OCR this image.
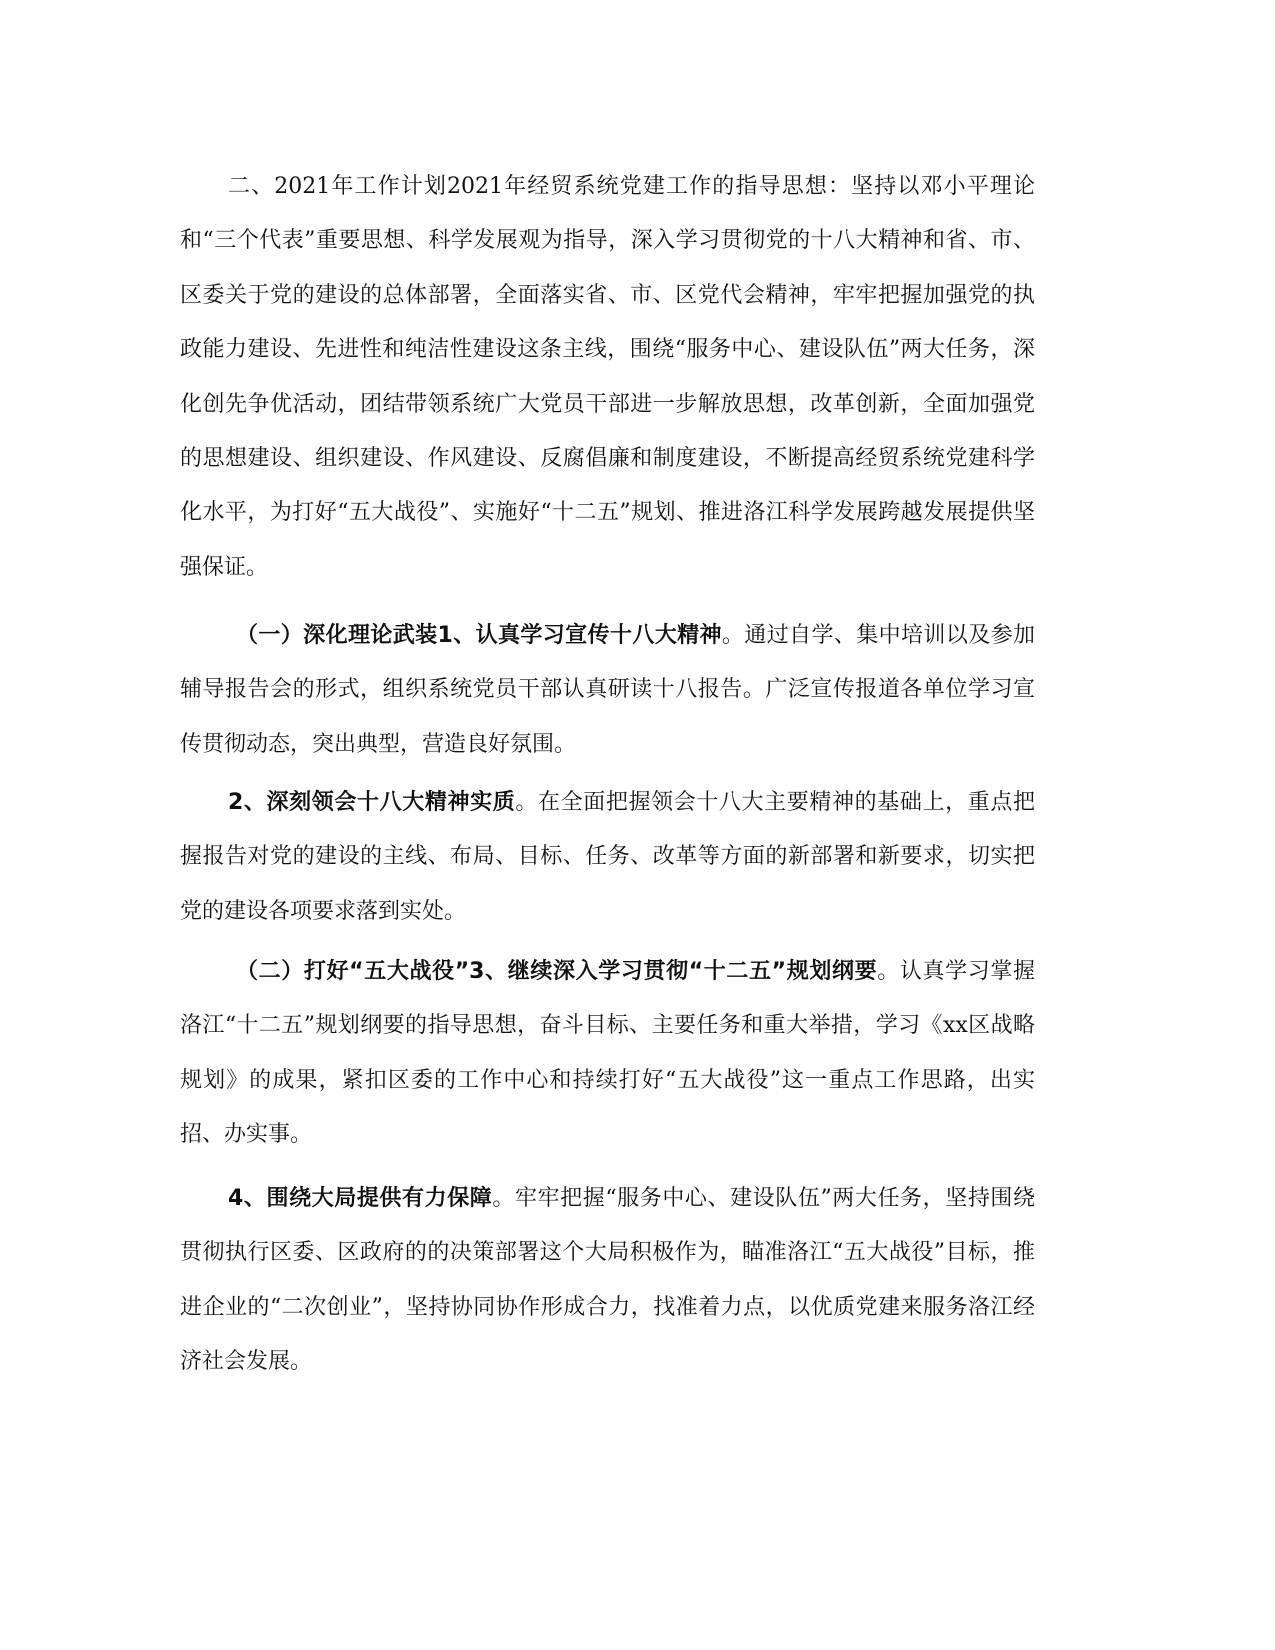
二、2021年工作计划2021年经贸系统党建工作的指导思想：坚持以邓小平理论和“三个代表”重要思想、科学发展观为指导，深入学习贯彻党的十八大精神和省、市、区委关于党的建设的总体部署，全面落实省、市、区党代会精神，牢牢把握加强党的执政能力建设、先进性和纯洁性建设这条主线，围绕“服务中心、建设队伍”两大任务，深化创先争优活动，团结带领系统广大党员干部进一步解放思想，改革创新，全面加强党的思想建设、组织建设、作风建设、反腐倡廉和制度建设，不断提高经贸系统党建科学化水平，为打好“五大战役”、实施好“十二五”规划、推进洛江科学发展跨越发展提供坚强保证。

（一）深化理论武装1、认真学习宣传十八大精神。通过自学、集中培训以及参加辅导报告会的形式，组织系统党员干部认真研读十八报告。广泛宣传报道各单位学习宣传贯彻动态，突出典型，营造良好氛围。

2、深刻领会十八大精神实质。在全面把握领会十八大主要精神的基础上，重点把握报告对党的建设的主线、布局、目标、任务、改革等方面的新部署和新要求，切实把党的建设各项要求落到实处。

（二）打好“五大战役”3、继续深入学习贯彻“十二五”规划纲要。认真学习掌握洛江“十二五”规划纲要的指导思想，奋斗目标、主要任务和重大举措，学习《xx区战略规划》的成果，紧扣区委的工作中心和持续打好“五大战役”这一重点工作思路，出实招、办实事。

4、围绕大局提供有力保障。牢牢把握“服务中心、建设队伍”两大任务，坚持围绕贯彻执行区委、区政府的的决策部署这个大局积极作为，瞄准洛江“五大战役”目标，推进企业的“二次创业”，坚持协同协作形成合力，找准着力点，以优质党建来服务洛江经济社会发展。
